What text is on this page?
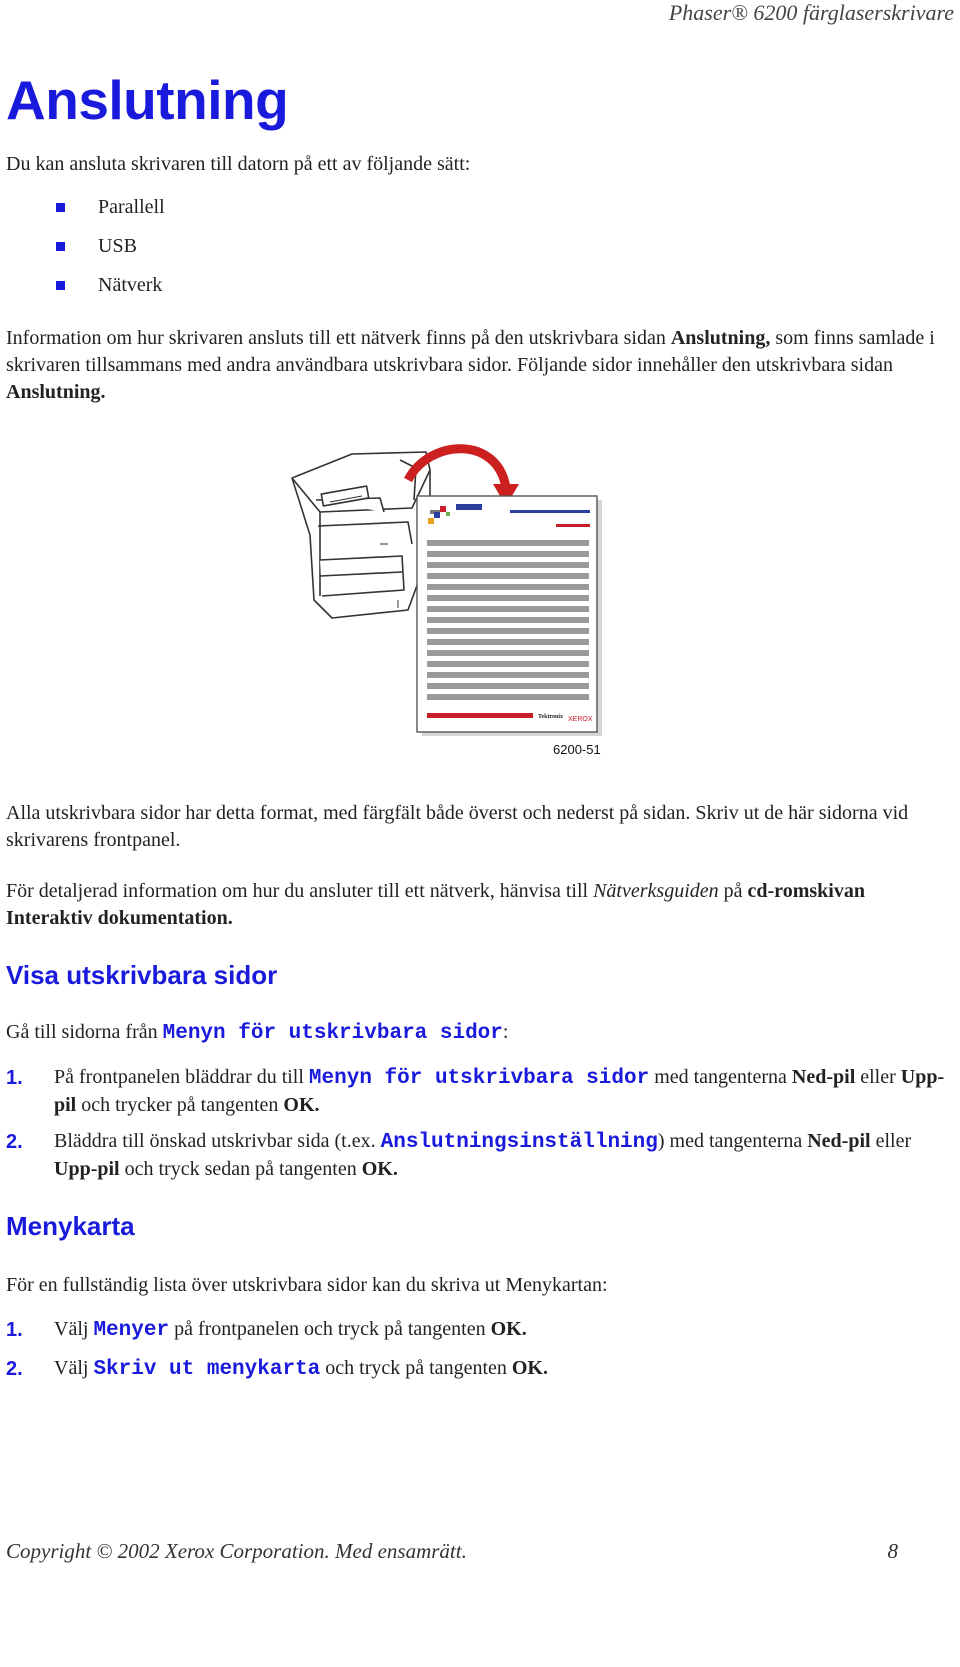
Phaser® 6200 färglaserskrivare
Anslutning
Du kan ansluta skrivaren till datorn på ett av följande sätt:
Parallell
USB
Nätverk
Information om hur skrivaren ansluts till ett nätverk finns på den utskrivbara sidan Anslutning, som finns samlade i skrivaren tillsammans med andra användbara utskrivbara sidor. Följande sidor innehåller den utskrivbara sidan Anslutning.
Tektronix XEROX
6200-51
Alla utskrivbara sidor har detta format, med färgfält både överst och nederst på sidan. Skriv ut de här sidorna vid skrivarens frontpanel.
För detaljerad information om hur du ansluter till ett nätverk, hänvisa till Nätverksguiden på cd-romskivan Interaktiv dokumentation.
Visa utskrivbara sidor
Gå till sidorna från Menyn för utskrivbara sidor:
1. På frontpanelen bläddrar du till Menyn för utskrivbara sidor med tangenterna Ned-pil eller Upp-pil och trycker på tangenten OK.
2. Bläddra till önskad utskrivbar sida (t.ex. Anslutningsinställning) med tangenterna Ned-pil eller Upp-pil och tryck sedan på tangenten OK.
Menykarta
För en fullständig lista över utskrivbara sidor kan du skriva ut Menykartan:
1. Välj Menyer på frontpanelen och tryck på tangenten OK.
2. Välj Skriv ut menykarta och tryck på tangenten OK.
Copyright © 2002 Xerox Corporation. Med ensamrätt.	8
